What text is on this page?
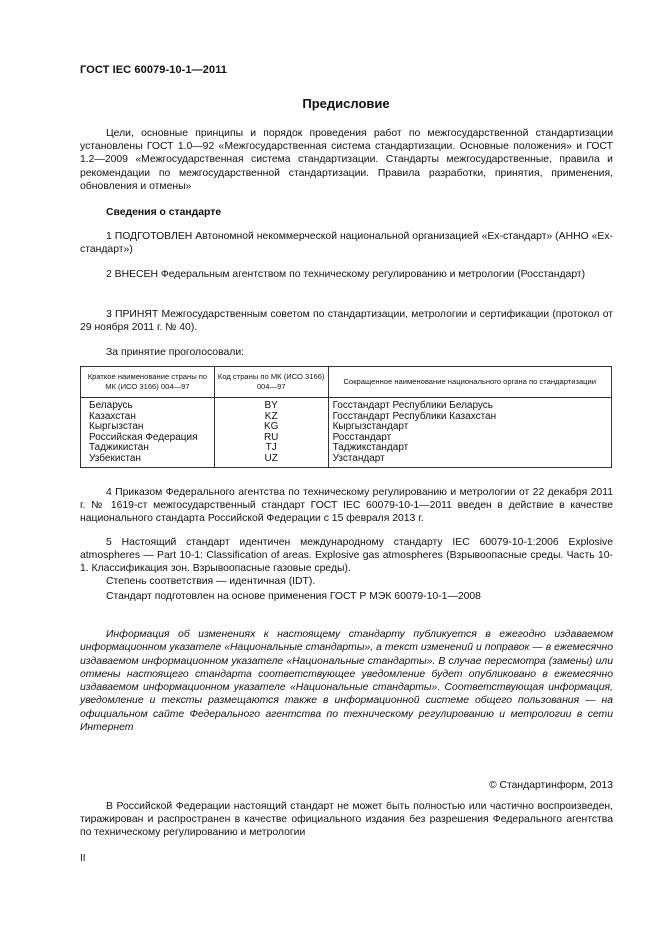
ГОСТ IEC 60079-10-1—2011
Предисловие
Цели, основные принципы и порядок проведения работ по межгосударственной стандартизации установлены ГОСТ 1.0—92 «Межгосударственная система стандартизации. Основные положения» и ГОСТ 1.2—2009 «Межгосударственная система стандартизации. Стандарты межгосударственные, правила и рекомендации по межгосударственной стандартизации. Правила разработки, принятия, применения, обновления и отмены»
Сведения о стандарте
1 ПОДГОТОВЛЕН Автономной некоммерческой национальной организацией «Ех-стандарт» (АННО «Ех-стандарт»)
2 ВНЕСЕН Федеральным агентством по техническому регулированию и метрологии (Росстандарт)
3 ПРИНЯТ Межгосударственным советом по стандартизации, метрологии и сертификации (протокол от 29 ноября 2011 г. № 40).
За принятие проголосовали:
Краткое наименование страны по МК (ИСО 3166) 004—97	Код страны по МК (ИСО 3166) 004—97	Сокращенное наименование национального органа по стандартизации
Беларусь	BY	Госстандарт Республики Беларусь
Казахстан	KZ	Госстандарт Республики Казахстан
Кыргызстан	KG	Кыргызстандарт
Российская Федерация	RU	Росстандарт
Таджикистан	TJ	Таджикстандарт
Узбекистан	UZ	Узстандарт
4 Приказом Федерального агентства по техническому регулированию и метрологии от 22 декабря 2011 г. № 1619-ст межгосударственный стандарт ГОСТ IEC 60079-10-1—2011 введен в действие в качестве национального стандарта Российской Федерации с 15 февраля 2013 г.
5 Настоящий стандарт идентичен международному стандарту IEC 60079-10-1:2006 Explosive atmospheres — Part 10-1: Classification of areas. Explosive gas atmospheres (Взрывоопасные среды. Часть 10-1. Классификация зон. Взрывоопасные газовые среды).
Степень соответствия — идентичная (IDT).
Стандарт подготовлен на основе применения ГОСТ Р МЭК 60079-10-1—2008
Информация об изменениях к настоящему стандарту публикуется в ежегодно издаваемом информационном указателе «Национальные стандарты», а текст изменений и поправок — в ежемесячно издаваемом информационном указателе «Национальные стандарты». В случае пересмотра (замены) или отмены настоящего стандарта соответствующее уведомление будет опубликовано в ежемесячно издаваемом информационном указателе «Национальные стандарты». Соответствующая информация, уведомление и тексты размещаются также в информационной системе общего пользования — на официальном сайте Федерального агентства по техническому регулированию и метрологии в сети Интернет
© Стандартинформ, 2013
В Российской Федерации настоящий стандарт не может быть полностью или частично воспроизведен, тиражирован и распространен в качестве официального издания без разрешения Федерального агентства по техническому регулированию и метрологии
II
